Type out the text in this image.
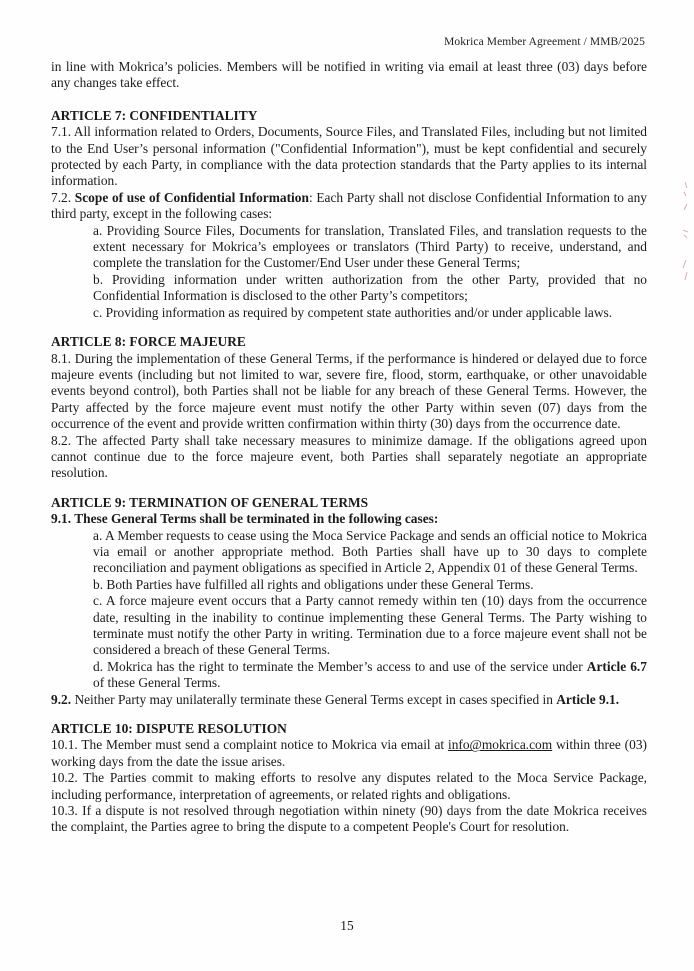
Mokrica Member Agreement / MMB/2025

in line with Mokrica’s policies. Members will be notified in writing via email at least three (03) days before any changes take effect.

ARTICLE 7: CONFIDENTIALITY

7.1. All information related to Orders, Documents, Source Files, and Translated Files, including but not limited to the End User’s personal information ("Confidential Information"), must be kept confidential and securely protected by each Party, in compliance with the data protection standards that the Party applies to its internal information.

7.2. Scope of use of Confidential Information: Each Party shall not disclose Confidential Information to any third party, except in the following cases:

a. Providing Source Files, Documents for translation, Translated Files, and translation requests to the extent necessary for Mokrica’s employees or translators (Third Party) to receive, understand, and complete the translation for the Customer/End User under these General Terms;

b. Providing information under written authorization from the other Party, provided that no Confidential Information is disclosed to the other Party’s competitors;

c. Providing information as required by competent state authorities and/or under applicable laws.

ARTICLE 8: FORCE MAJEURE

8.1. During the implementation of these General Terms, if the performance is hindered or delayed due to force majeure events (including but not limited to war, severe fire, flood, storm, earthquake, or other unavoidable events beyond control), both Parties shall not be liable for any breach of these General Terms. However, the Party affected by the force majeure event must notify the other Party within seven (07) days from the occurrence of the event and provide written confirmation within thirty (30) days from the occurrence date.

8.2. The affected Party shall take necessary measures to minimize damage. If the obligations agreed upon cannot continue due to the force majeure event, both Parties shall separately negotiate an appropriate resolution.

ARTICLE 9: TERMINATION OF GENERAL TERMS

9.1. These General Terms shall be terminated in the following cases:

a. A Member requests to cease using the Moca Service Package and sends an official notice to Mokrica via email or another appropriate method. Both Parties shall have up to 30 days to complete reconciliation and payment obligations as specified in Article 2, Appendix 01 of these General Terms.

b. Both Parties have fulfilled all rights and obligations under these General Terms.

c. A force majeure event occurs that a Party cannot remedy within ten (10) days from the occurrence date, resulting in the inability to continue implementing these General Terms. The Party wishing to terminate must notify the other Party in writing. Termination due to a force majeure event shall not be considered a breach of these General Terms.

d. Mokrica has the right to terminate the Member’s access to and use of the service under Article 6.7 of these General Terms.

9.2. Neither Party may unilaterally terminate these General Terms except in cases specified in Article 9.1.

ARTICLE 10: DISPUTE RESOLUTION

10.1. The Member must send a complaint notice to Mokrica via email at info@mokrica.com within three (03) working days from the date the issue arises.

10.2. The Parties commit to making efforts to resolve any disputes related to the Moca Service Package, including performance, interpretation of agreements, or related rights and obligations.

10.3. If a dispute is not resolved through negotiation within ninety (90) days from the date Mokrica receives the complaint, the Parties agree to bring the dispute to a competent People's Court for resolution.

15
